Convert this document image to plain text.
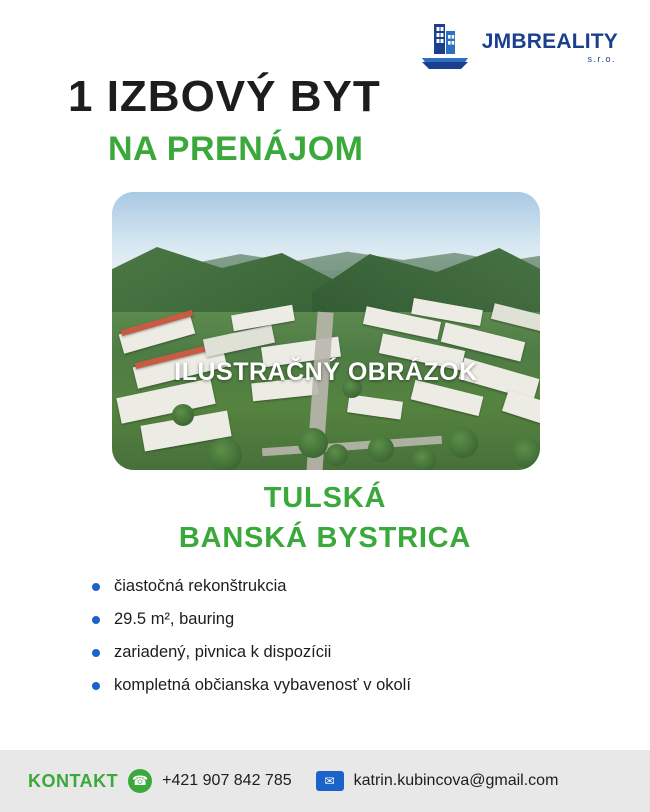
JMBREALITY
s.r.o.
1 IZBOVÝ BYT
NA PRENÁJOM
ILUSTRAČNÝ OBRÁZOK
TULSKÁ
BANSKÁ BYSTRICA
čiastočná rekonštrukcia
29.5 m², bauring
zariadený, pivnica k dispozícii
kompletná občianska vybavenosť v okolí
KONTAKT ☎ +421 907 842 785	✉	katrin.kubincova@gmail.com
